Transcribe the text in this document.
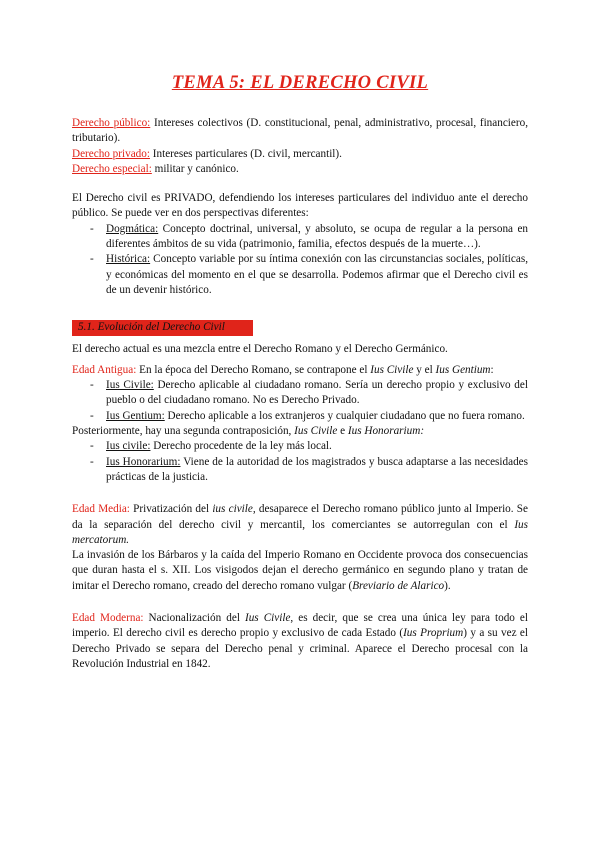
TEMA 5: EL DERECHO CIVIL

Derecho público: Intereses colectivos (D. constitucional, penal, administrativo, procesal, financiero, tributario).

Derecho privado: Intereses particulares (D. civil, mercantil).

Derecho especial: militar y canónico.

El Derecho civil es PRIVADO, defendiendo los intereses particulares del individuo ante el derecho público. Se puede ver en dos perspectivas diferentes:

- Dogmática: Concepto doctrinal, universal, y absoluto, se ocupa de regular a la persona en diferentes ámbitos de su vida (patrimonio, familia, efectos después de la muerte…).
- Histórica: Concepto variable por su íntima conexión con las circunstancias sociales, políticas, y económicas del momento en el que se desarrolla. Podemos afirmar que el Derecho civil es de un devenir histórico.
5.1. Evolución del Derecho Civil

El derecho actual es una mezcla entre el Derecho Romano y el Derecho Germánico.

Edad Antigua: En la época del Derecho Romano, se contrapone el Ius Civile y el Ius Gentium:

- Ius Civile: Derecho aplicable al ciudadano romano. Sería un derecho propio y exclusivo del pueblo o del ciudadano romano. No es Derecho Privado.
- Ius Gentium: Derecho aplicable a los extranjeros y cualquier ciudadano que no fuera romano.

Posteriormente, hay una segunda contraposición, Ius Civile e Ius Honorarium:

- Ius civile: Derecho procedente de la ley más local.
- Ius Honorarium: Viene de la autoridad de los magistrados y busca adaptarse a las necesidades prácticas de la justicia.

Edad Media: Privatización del ius civile, desaparece el Derecho romano público junto al Imperio. Se da la separación del derecho civil y mercantil, los comerciantes se autorregulan con el Ius mercatorum.

La invasión de los Bárbaros y la caída del Imperio Romano en Occidente provoca dos consecuencias que duran hasta el s. XII. Los visigodos dejan el derecho germánico en segundo plano y tratan de imitar el Derecho romano, creado del derecho romano vulgar (Breviario de Alarico).

Edad Moderna: Nacionalización del Ius Civile, es decir, que se crea una única ley para todo el imperio. El derecho civil es derecho propio y exclusivo de cada Estado (Ius Proprium) y a su vez el Derecho Privado se separa del Derecho penal y criminal. Aparece el Derecho procesal con la Revolución Industrial en 1842.
